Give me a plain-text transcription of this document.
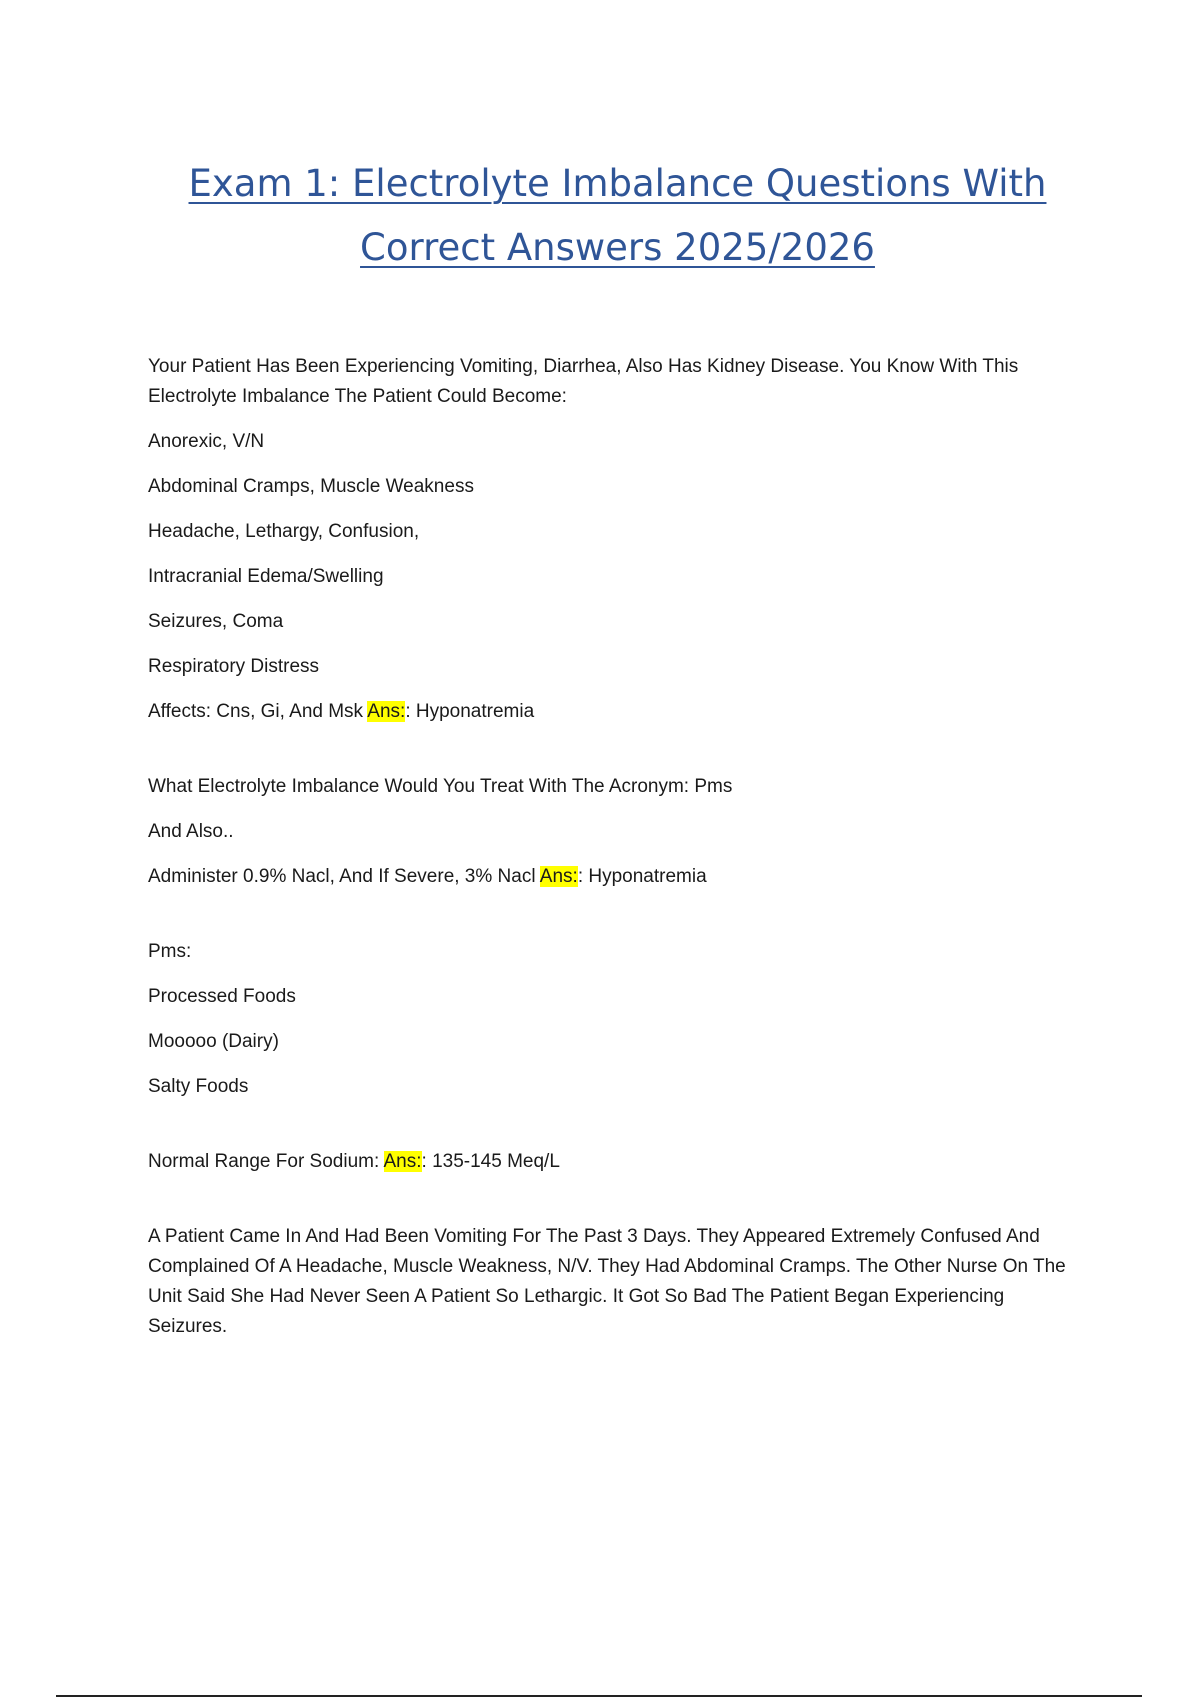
Exam 1: Electrolyte Imbalance Questions With
Correct Answers 2025/2026

Your Patient Has Been Experiencing Vomiting, Diarrhea, Also Has Kidney Disease. You Know With This Electrolyte Imbalance The Patient Could Become:

Anorexic, V/N

Abdominal Cramps, Muscle Weakness

Headache, Lethargy, Confusion,

Intracranial Edema/Swelling

Seizures, Coma

Respiratory Distress

Affects: Cns, Gi, And Msk Ans:: Hyponatremia

What Electrolyte Imbalance Would You Treat With The Acronym: Pms

And Also..

Administer 0.9% Nacl, And If Severe, 3% Nacl Ans:: Hyponatremia

Pms:

Processed Foods

Mooooo (Dairy)

Salty Foods

Normal Range For Sodium: Ans:: 135-145 Meq/L

A Patient Came In And Had Been Vomiting For The Past 3 Days. They Appeared Extremely Confused And Complained Of A Headache, Muscle Weakness, N/V. They Had Abdominal Cramps. The Other Nurse On The Unit Said She Had Never Seen A Patient So Lethargic. It Got So Bad The Patient Began Experiencing Seizures.
